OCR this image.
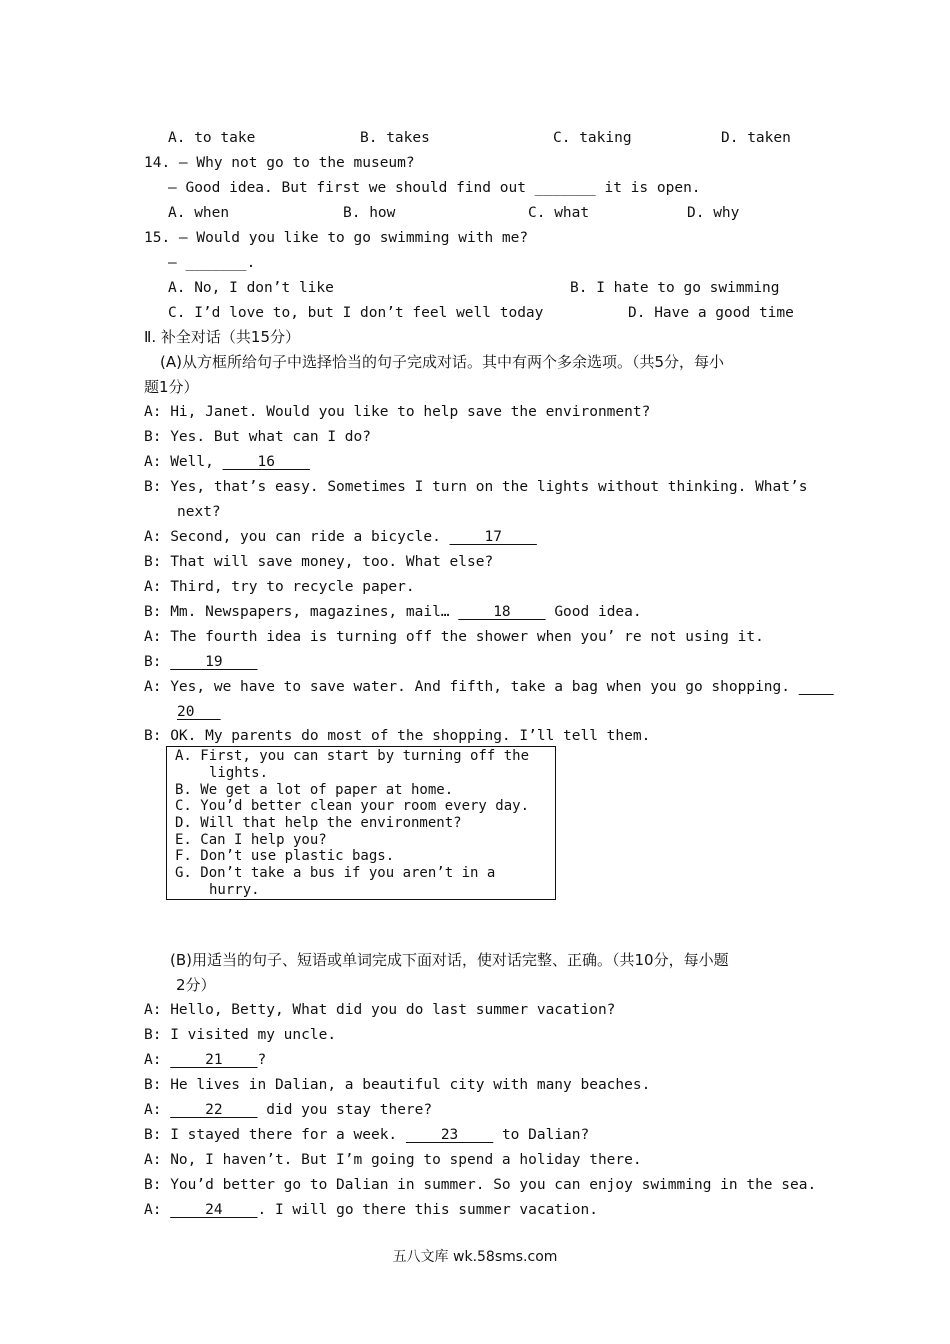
A. to take	B. takes	C. taking	D. taken
14. — Why not go to the museum?
— Good idea. But first we should find out _______ it is open.
A. when	B. how	C. what	D. why
15. — Would you like to go swimming with me?
— _______.
A. No, I don’t like	B. I hate to go swimming
C. I’d love to, but I don’t feel well today	D. Have a good time
Ⅱ. 补全对话（共15分）
(A)从方框所给句子中选择恰当的句子完成对话。其中有两个多余选项。（共5分，每小
题1分）
A: Hi, Janet. Would you like to help save the environment?
B: Yes. But what can I do?
A: Well,     16
B: Yes, that’s easy. Sometimes I turn on the lights without thinking. What’s
next?
A: Second, you can ride a bicycle.     17
B: That will save money, too. What else?
A: Third, try to recycle paper.
B: Mm. Newspapers, magazines, mail…     18     Good idea.
A: The fourth idea is turning off the shower when you’ re not using it.
B:     19
A: Yes, we have to save water. And fifth, take a bag when you go shopping.
20
B: OK. My parents do most of the shopping. I’ll tell them.
A. First, you can start by turning off the
lights.
B. We get a lot of paper at home.
C. You’d better clean your room every day.
D. Will that help the environment?
E. Can I help you?
F. Don’t use plastic bags.
G. Don’t take a bus if you aren’t in a
hurry.
(B)用适当的句子、短语或单词完成下面对话，使对话完整、正确。（共10分，每小题
2分）
A: Hello, Betty, What did you do last summer vacation?
B: I visited my uncle.
A:     21    ?
B: He lives in Dalian, a beautiful city with many beaches.
A:     22     did you stay there?
B: I stayed there for a week.     23     to Dalian?
A: No, I haven’t. But I’m going to spend a holiday there.
B: You’d better go to Dalian in summer. So you can enjoy swimming in the sea.
A:     24    . I will go there this summer vacation.
五八文库 wk.58sms.com
